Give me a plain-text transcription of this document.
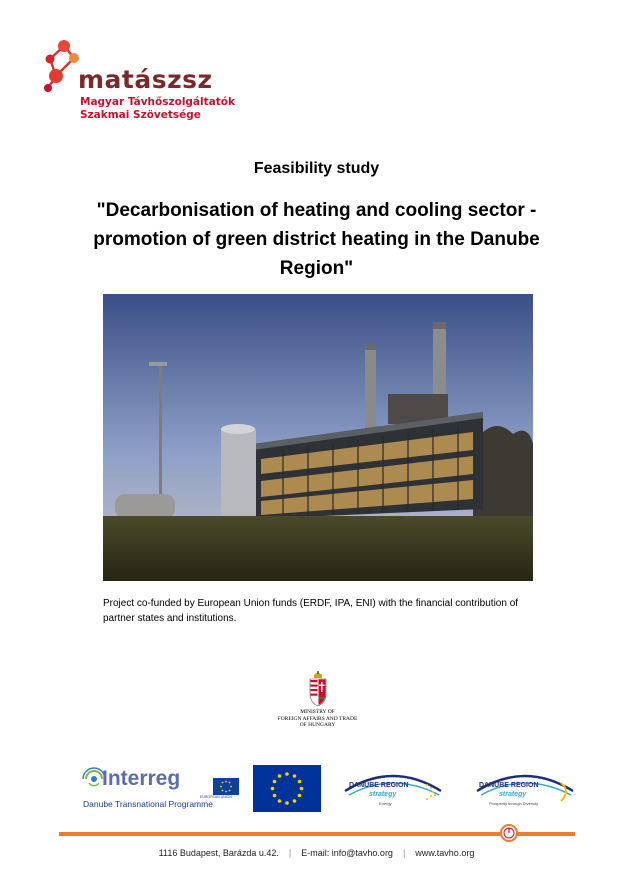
matászsz
Magyar Távhőszolgáltatók
Szakmai Szövetsége
Feasibility study
"Decarbonisation of heating and cooling sector - promotion of green district heating in the Danube Region"
Project co-funded by European Union funds (ERDF, IPA, ENI) with the financial contribution of partner states and institutions.
MINISTRY OF
FOREIGN AFFAIRS AND TRADE
OF HUNGARY
Interreg
Danube Transnational Programme
EUROPEAN UNION
DANUBE REGION
strategy
Energy
DANUBE REGION
strategy
Prosperity through Diversity
1116 Budapest, Barázda u.42. | E-mail: info@tavho.org | www.tavho.org
